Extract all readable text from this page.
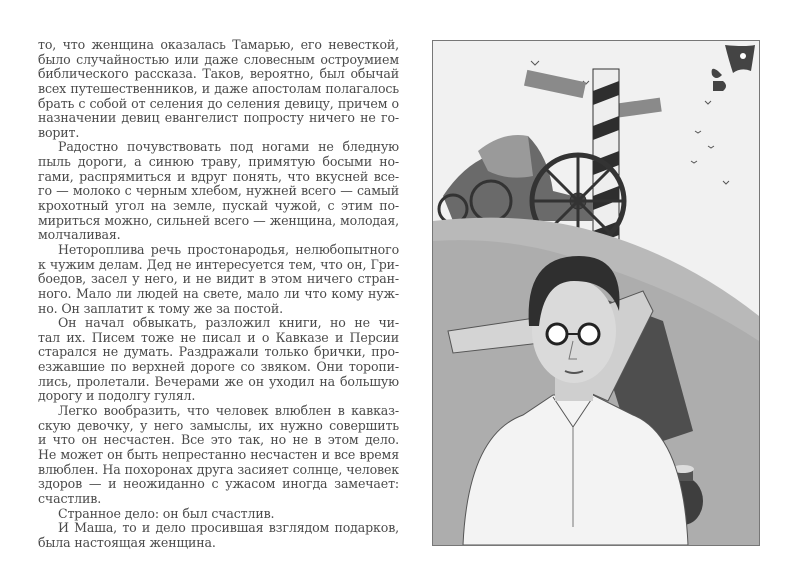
то, что женщина оказалась Тамарью, его невесткой,
было случайностью или даже словесным остроумием
библического рассказа. Таков, вероятно, был обычай
всех путешественников, и даже апостолам полагалось
брать с собой от селения до селения девицу, причем о
назначении девиц евангелист попросту ничего не го-
ворит.
Радостно почувствовать под ногами не бледную
пыль дороги, а синюю траву, примятую босыми но-
гами, распрямиться и вдруг понять, что вкусней все-
го — молоко с черным хлебом, нужней всего — самый
крохотный угол на земле, пускай чужой, с этим по-
мириться можно, сильней всего — женщина, молодая,
молчаливая.
Нетороплива речь простонародья, нелюбопытного
к чужим делам. Дед не интересуется тем, что он, Гри-
боедов, засел у него, и не видит в этом ничего стран-
ного. Мало ли людей на свете, мало ли что кому нуж-
но. Он заплатит к тому же за постой.
Он начал обвыкать, разложил книги, но не чи-
тал их. Писем тоже не писал и о Кавказе и Персии
старался не думать. Раздражали только брички, про-
езжавшие по верхней дороге со звяком. Они торопи-
лись, пролетали. Вечерами же он уходил на большую
дорогу и подолгу гулял.
Легко вообразить, что человек влюблен в кавказ-
скую девочку, у него замыслы, их нужно совершить
и что он несчастен. Все это так, но не в этом дело.
Не может он быть непрестанно несчастен и все время
влюблен. На похоронах друга засияет солнце, человек
здоров — и неожиданно с ужасом иногда замечает:
счастлив.
Странное дело: он был счастлив.
И Маша, то и дело просившая взглядом подарков,
была настоящая женщина.
